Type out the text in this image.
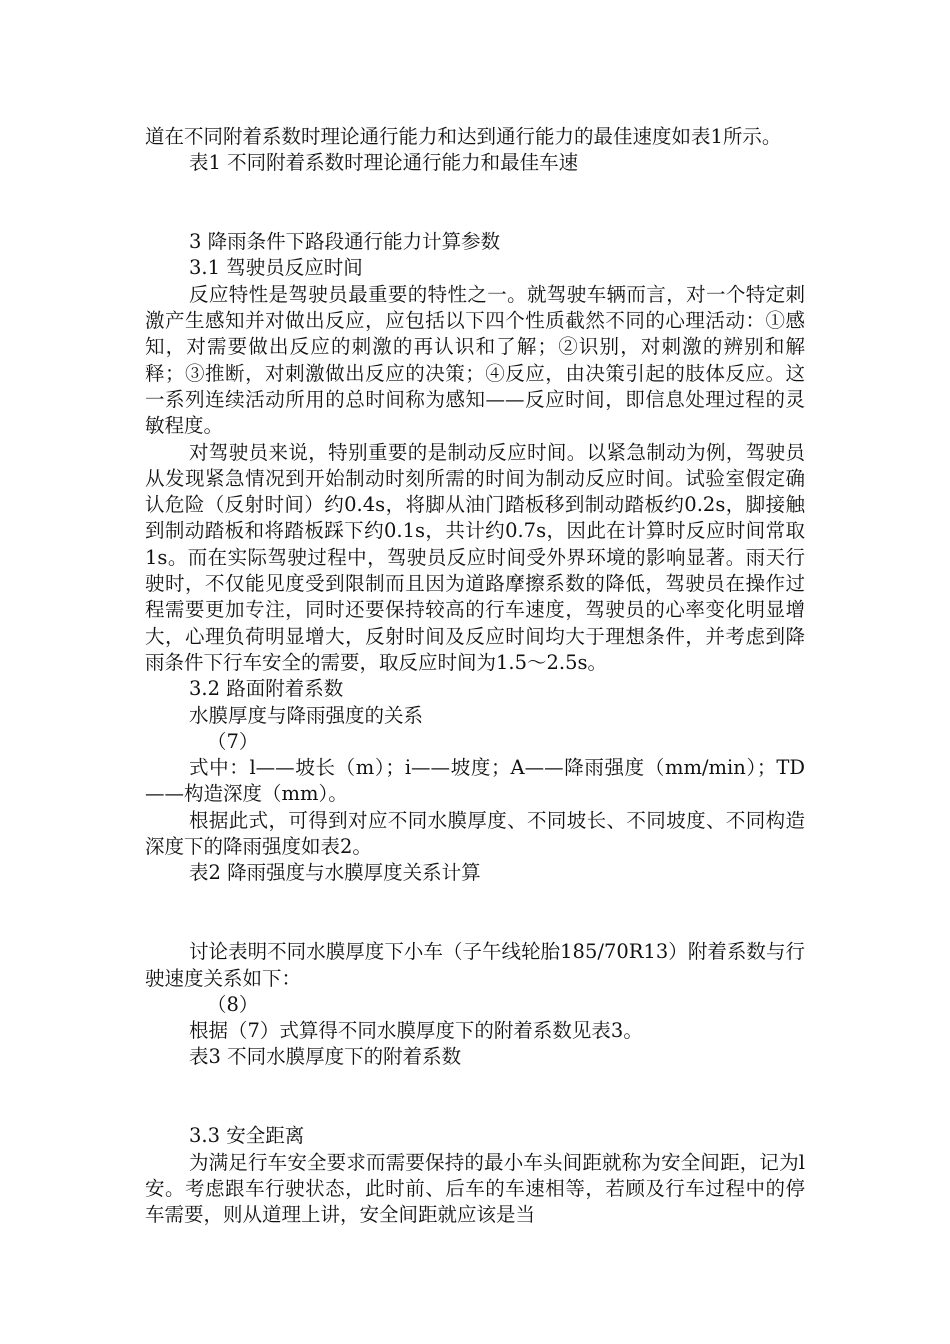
道在不同附着系数时理论通行能力和达到通行能力的最佳速度如表1所示。

表1 不同附着系数时理论通行能力和最佳车速

3 降雨条件下路段通行能力计算参数

3.1 驾驶员反应时间

反应特性是驾驶员最重要的特性之一。就驾驶车辆而言，对一个特定刺激产生感知并对做出反应，应包括以下四个性质截然不同的心理活动：①感知，对需要做出反应的刺激的再认识和了解；②识别，对刺激的辨别和解释；③推断，对刺激做出反应的决策；④反应，由决策引起的肢体反应。这一系列连续活动所用的总时间称为感知——反应时间，即信息处理过程的灵敏程度。

对驾驶员来说，特别重要的是制动反应时间。以紧急制动为例，驾驶员从发现紧急情况到开始制动时刻所需的时间为制动反应时间。试验室假定确认危险（反射时间）约0.4s，将脚从油门踏板移到制动踏板约0.2s，脚接触到制动踏板和将踏板踩下约0.1s，共计约0.7s，因此在计算时反应时间常取1s。而在实际驾驶过程中，驾驶员反应时间受外界环境的影响显著。雨天行驶时，不仅能见度受到限制而且因为道路摩擦系数的降低，驾驶员在操作过程需要更加专注，同时还要保持较高的行车速度，驾驶员的心率变化明显增大，心理负荷明显增大，反射时间及反应时间均大于理想条件，并考虑到降雨条件下行车安全的需要，取反应时间为1.5～2.5s。

3.2 路面附着系数

水膜厚度与降雨强度的关系

（7）

式中：l——坡长（m）；i——坡度；A——降雨强度（mm/min）；TD——构造深度（mm）。

根据此式，可得到对应不同水膜厚度、不同坡长、不同坡度、不同构造深度下的降雨强度如表2。

表2 降雨强度与水膜厚度关系计算

讨论表明不同水膜厚度下小车（子午线轮胎185/70R13）附着系数与行驶速度关系如下：

（8）

根据（7）式算得不同水膜厚度下的附着系数见表3。

表3 不同水膜厚度下的附着系数

3.3 安全距离

为满足行车安全要求而需要保持的最小车头间距就称为安全间距，记为l安。考虑跟车行驶状态，此时前、后车的车速相等，若顾及行车过程中的停车需要，则从道理上讲，安全间距就应该是当
